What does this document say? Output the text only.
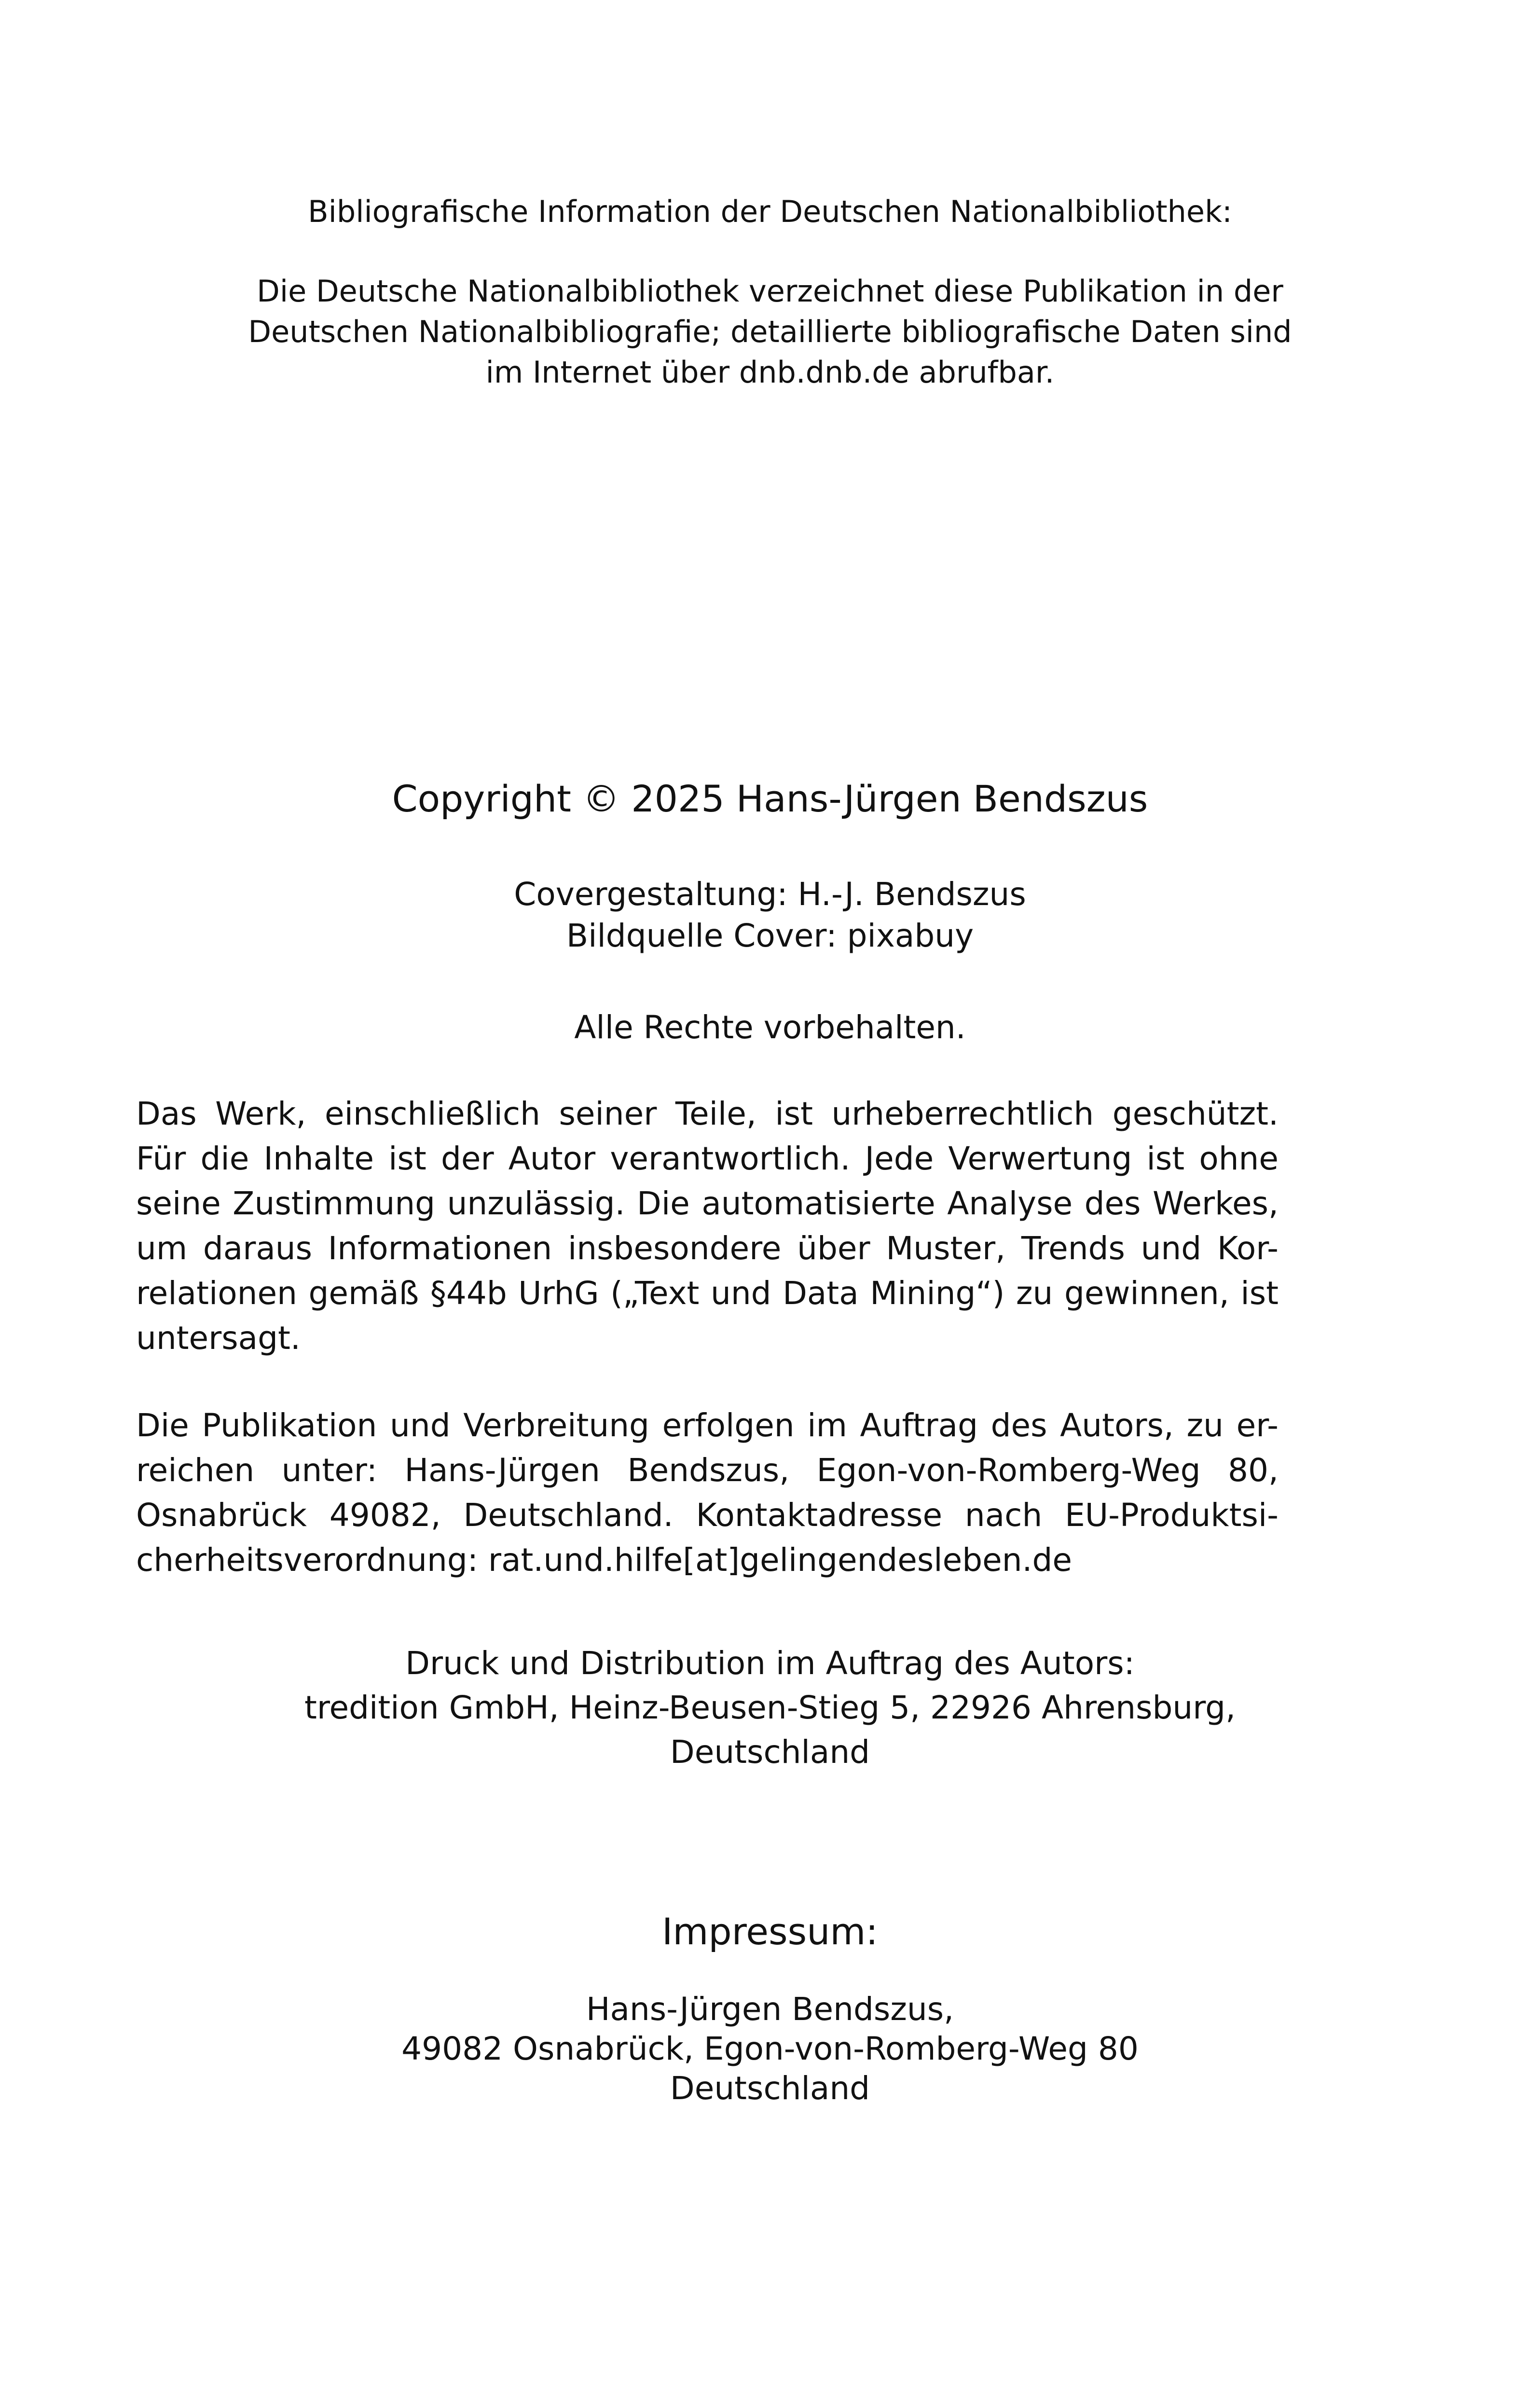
Bibliografische Information der Deutschen Nationalbibliothek:
Die Deutsche Nationalbibliothek verzeichnet diese Publikation in der
Deutschen Nationalbibliografie; detaillierte bibliografische Daten sind
im Internet über dnb.dnb.de abrufbar.
Copyright © 2025 Hans-Jürgen Bendszus
Covergestaltung: H.-J. Bendszus
Bildquelle Cover: pixabuy
Alle Rechte vorbehalten.
Das Werk, einschließlich seiner Teile, ist urheberrechtlich geschützt.
Für die Inhalte ist der Autor verantwortlich. Jede Verwertung ist ohne
seine Zustimmung unzulässig. Die automatisierte Analyse des Werkes,
um daraus Informationen insbesondere über Muster, Trends und Kor-
relationen gemäß §44b UrhG („Text und Data Mining“) zu gewinnen, ist
untersagt.
Die Publikation und Verbreitung erfolgen im Auftrag des Autors, zu er-
reichen unter: Hans-Jürgen Bendszus, Egon-von-Romberg-Weg 80,
Osnabrück 49082, Deutschland. Kontaktadresse nach EU-Produktsi-
cherheitsverordnung: rat.und.hilfe[at]gelingendesleben.de
Druck und Distribution im Auftrag des Autors:
tredition GmbH, Heinz-Beusen-Stieg 5, 22926 Ahrensburg,
Deutschland
Impressum:
Hans-Jürgen Bendszus,
49082 Osnabrück, Egon-von-Romberg-Weg 80
Deutschland
